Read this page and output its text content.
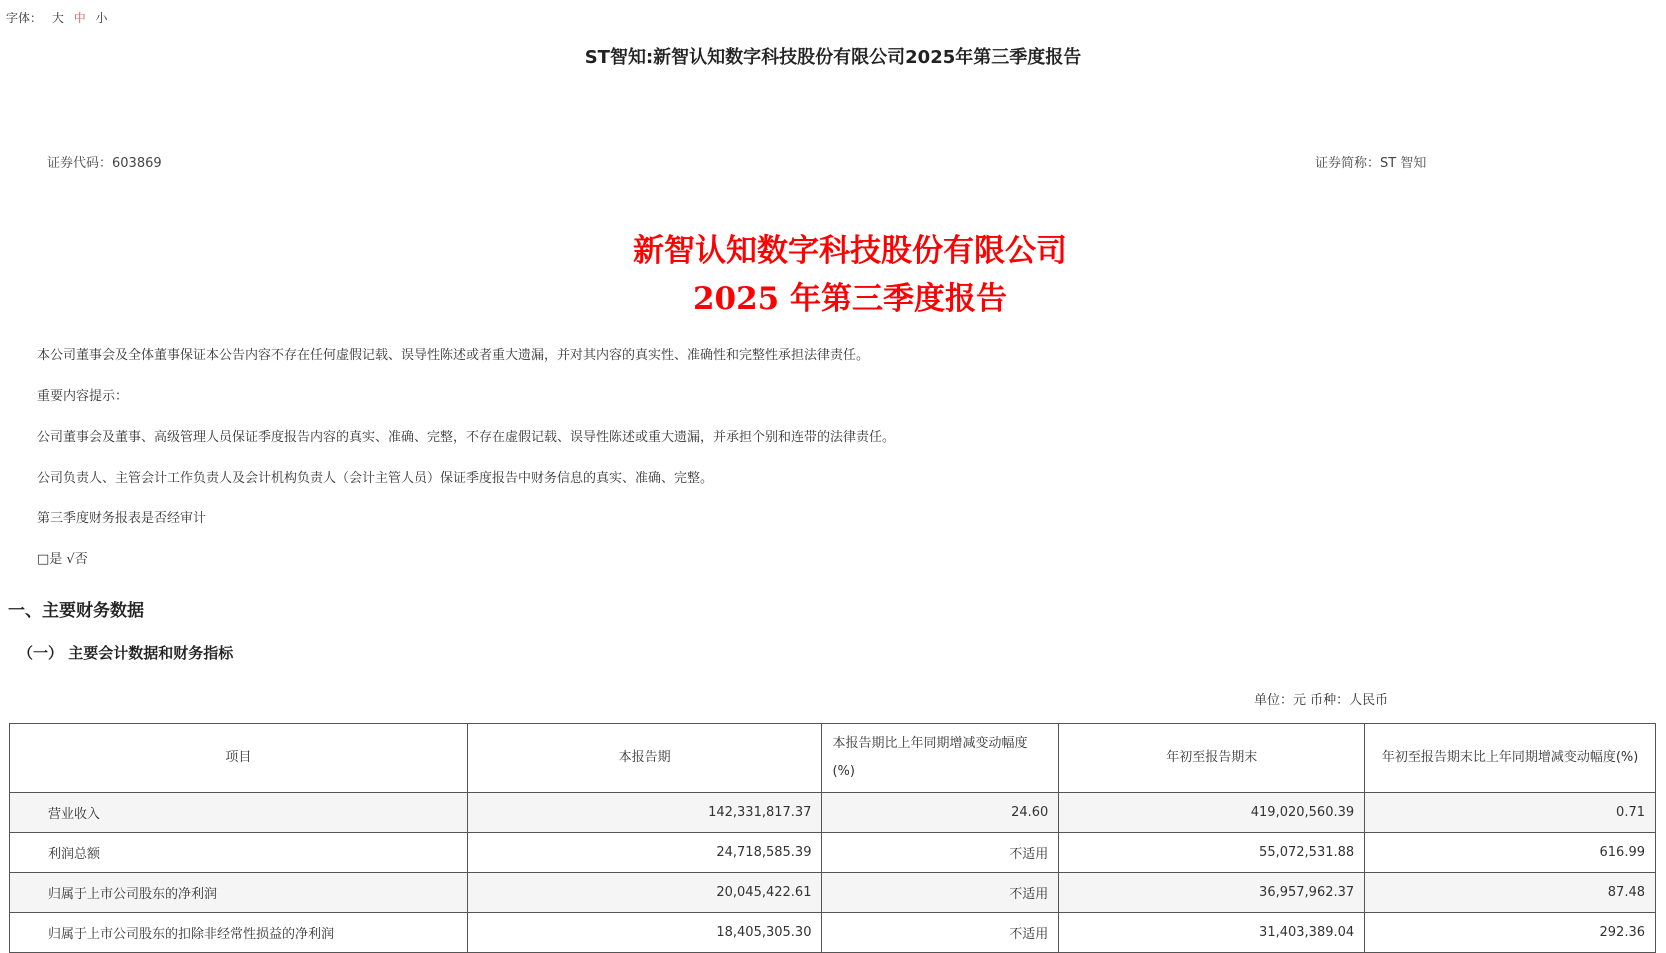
字体： 大 中 小
ST智知:新智认知数字科技股份有限公司2025年第三季度报告
证券代码：603869	证券简称：ST 智知
新智认知数字科技股份有限公司
2025 年第三季度报告
本公司董事会及全体董事保证本公告内容不存在任何虚假记载、误导性陈述或者重大遗漏，并对其内容的真实性、准确性和完整性承担法律责任。
重要内容提示：
公司董事会及董事、高级管理人员保证季度报告内容的真实、准确、完整，不存在虚假记载、误导性陈述或重大遗漏，并承担个别和连带的法律责任。
公司负责人、主管会计工作负责人及会计机构负责人（会计主管人员）保证季度报告中财务信息的真实、准确、完整。
第三季度财务报表是否经审计
□是 √否
一、主要财务数据
（一） 主要会计数据和财务指标
单位：元 币种：人民币
项目	本报告期	本报告期比上年同期增减变动幅度(%)	年初至报告期末	年初至报告期末比上年同期增减变动幅度(%)
营业收入	142,331,817.37	24.60	419,020,560.39	0.71
利润总额	24,718,585.39	不适用	55,072,531.88	616.99
归属于上市公司股东的净利润	20,045,422.61	不适用	36,957,962.37	87.48
归属于上市公司股东的扣除非经常性损益的净利润	18,405,305.30	不适用	31,403,389.04	292.36
